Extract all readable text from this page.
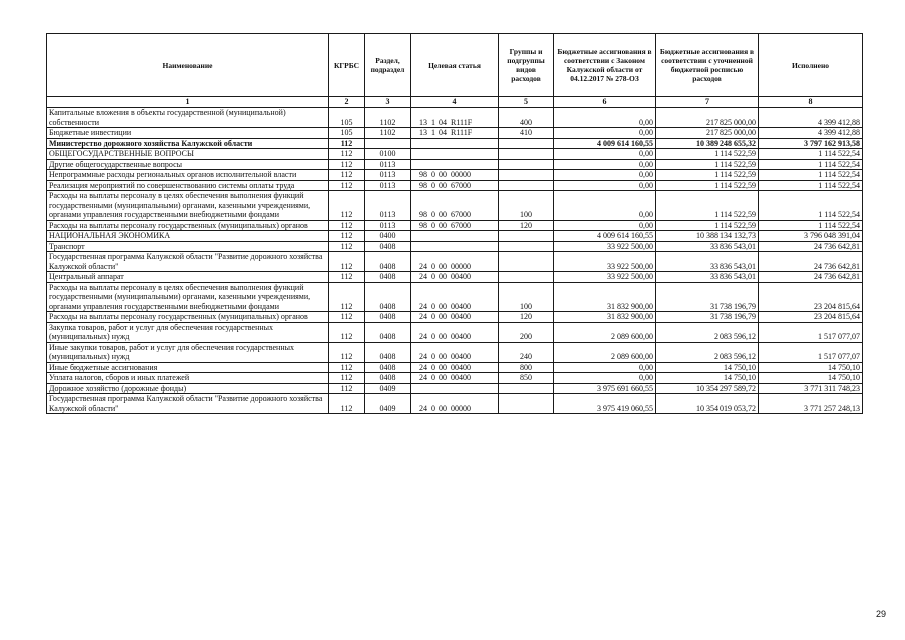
Наименование	КГРБС	Раздел, подраздел	Целевая статья	Группы и подгруппы видов расходов	Бюджетные ассигнования в соответствии с Законом Калужской области от 04.12.2017 № 278-ОЗ	Бюджетные ассигнования в соответствии с уточненной бюджетной росписью расходов	Исполнено
1	2	3	4	5	6	7	8
Капитальные вложения в объекты государственной (муниципальной) собственности	105	1102	13  1  04  R111F	400	0,00	217 825 000,00	4 399 412,88
Бюджетные инвестиции	105	1102	13  1  04  R111F	410	0,00	217 825 000,00	4 399 412,88
Министерство дорожного хозяйства Калужской области	112				4 009 614 160,55	10 389 248 655,32	3 797 162 913,58
ОБЩЕГОСУДАРСТВЕННЫЕ ВОПРОСЫ	112	0100			0,00	1 114 522,59	1 114 522,54
Другие общегосударственные вопросы	112	0113			0,00	1 114 522,59	1 114 522,54
Непрограммные расходы региональных органов исполнительной власти	112	0113	98  0  00  00000		0,00	1 114 522,59	1 114 522,54
Реализация мероприятий по совершенствованию системы оплаты труда	112	0113	98  0  00  67000		0,00	1 114 522,59	1 114 522,54
Расходы на выплаты персоналу в целях обеспечения выполнения функций государственными (муниципальными) органами, казенными учреждениями, органами управления государственными внебюджетными фондами	112	0113	98  0  00  67000	100	0,00	1 114 522,59	1 114 522,54
Расходы на выплаты персоналу государственных (муниципальных) органов	112	0113	98  0  00  67000	120	0,00	1 114 522,59	1 114 522,54
НАЦИОНАЛЬНАЯ ЭКОНОМИКА	112	0400			4 009 614 160,55	10 388 134 132,73	3 796 048 391,04
Транспорт	112	0408			33 922 500,00	33 836 543,01	24 736 642,81
Государственная программа Калужской области "Развитие дорожного хозяйства Калужской области"	112	0408	24  0  00  00000		33 922 500,00	33 836 543,01	24 736 642,81
Центральный аппарат	112	0408	24  0  00  00400		33 922 500,00	33 836 543,01	24 736 642,81
Расходы на выплаты персоналу в целях обеспечения выполнения функций государственными (муниципальными) органами, казенными учреждениями, органами управления государственными внебюджетными фондами	112	0408	24  0  00  00400	100	31 832 900,00	31 738 196,79	23 204 815,64
Расходы на выплаты персоналу государственных (муниципальных) органов	112	0408	24  0  00  00400	120	31 832 900,00	31 738 196,79	23 204 815,64
Закупка товаров, работ и услуг для обеспечения государственных (муниципальных) нужд	112	0408	24  0  00  00400	200	2 089 600,00	2 083 596,12	1 517 077,07
Иные закупки товаров, работ и услуг для обеспечения государственных (муниципальных) нужд	112	0408	24  0  00  00400	240	2 089 600,00	2 083 596,12	1 517 077,07
Иные бюджетные ассигнования	112	0408	24  0  00  00400	800	0,00	14 750,10	14 750,10
Уплата налогов, сборов и иных платежей	112	0408	24  0  00  00400	850	0,00	14 750,10	14 750,10
Дорожное хозяйство (дорожные фонды)	112	0409			3 975 691 660,55	10 354 297 589,72	3 771 311 748,23
Государственная программа Калужской области "Развитие дорожного хозяйства Калужской области"	112	0409	24  0  00  00000		3 975 419 060,55	10 354 019 053,72	3 771 257 248,13
29
